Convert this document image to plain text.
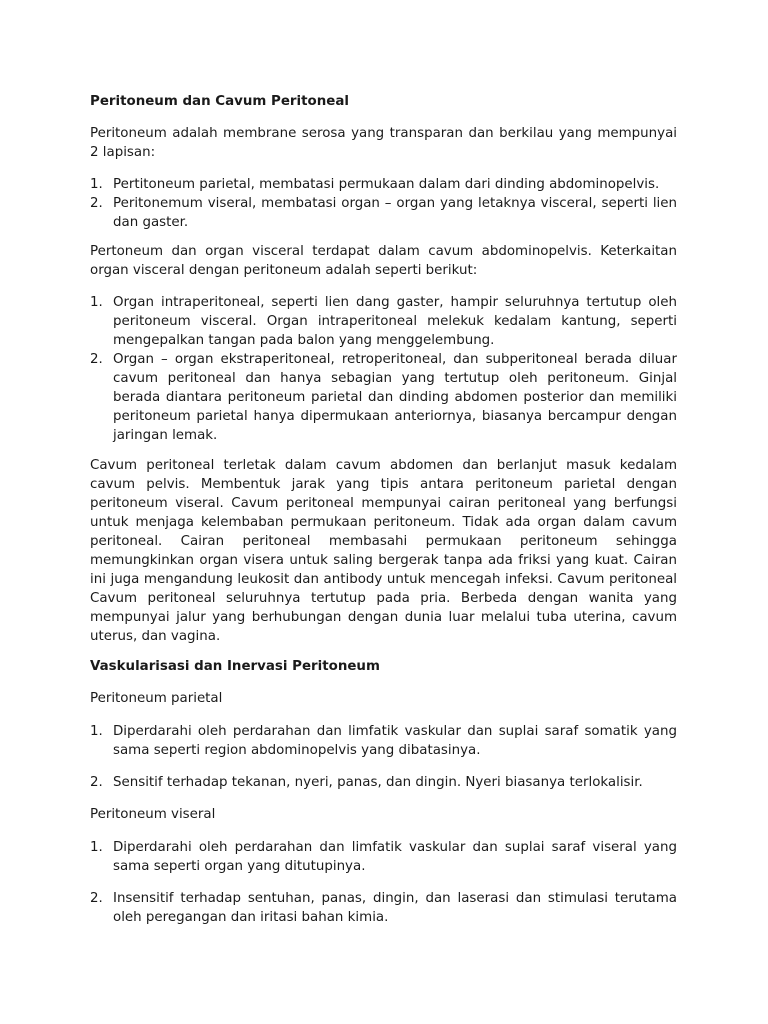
Peritoneum dan Cavum Peritoneal

Peritoneum adalah membrane serosa yang transparan dan berkilau yang mempunyai 2 lapisan:

1. Pertitoneum parietal, membatasi permukaan dalam dari dinding abdominopelvis.
2. Peritonemum viseral, membatasi organ – organ yang letaknya visceral, seperti lien dan gaster.

Pertoneum dan organ visceral terdapat dalam cavum abdominopelvis. Keterkaitan organ visceral dengan peritoneum adalah seperti berikut:

1. Organ intraperitoneal, seperti lien dang gaster, hampir seluruhnya tertutup oleh peritoneum visceral. Organ intraperitoneal melekuk kedalam kantung, seperti mengepalkan tangan pada balon yang menggelembung.
2. Organ – organ ekstraperitoneal, retroperitoneal, dan subperitoneal berada diluar cavum peritoneal dan hanya sebagian yang tertutup oleh peritoneum. Ginjal berada diantara peritoneum parietal dan dinding abdomen posterior dan memiliki peritoneum parietal hanya dipermukaan anteriornya, biasanya bercampur dengan jaringan lemak.

Cavum peritoneal terletak dalam cavum abdomen dan berlanjut masuk kedalam cavum pelvis. Membentuk jarak yang tipis antara peritoneum parietal dengan peritoneum viseral. Cavum peritoneal mempunyai cairan peritoneal yang berfungsi untuk menjaga kelembaban permukaan peritoneum. Tidak ada organ dalam cavum peritoneal. Cairan peritoneal membasahi permukaan peritoneum sehingga memungkinkan organ visera untuk saling bergerak tanpa ada friksi yang kuat. Cairan ini juga mengandung leukosit dan antibody untuk mencegah infeksi. Cavum peritoneal Cavum peritoneal seluruhnya tertutup pada pria. Berbeda dengan wanita yang mempunyai jalur yang berhubungan dengan dunia luar melalui tuba uterina, cavum uterus, dan vagina.

Vaskularisasi dan Inervasi Peritoneum
Peritoneum parietal
1. Diperdarahi oleh perdarahan dan limfatik vaskular dan suplai saraf somatik yang sama seperti region abdominopelvis yang dibatasinya.
2. Sensitif terhadap tekanan, nyeri, panas, dan dingin. Nyeri biasanya terlokalisir.
Peritoneum viseral
1. Diperdarahi oleh perdarahan dan limfatik vaskular dan suplai saraf viseral yang sama seperti organ yang ditutupinya.
2. Insensitif terhadap sentuhan, panas, dingin, dan laserasi dan stimulasi terutama oleh peregangan dan iritasi bahan kimia.
